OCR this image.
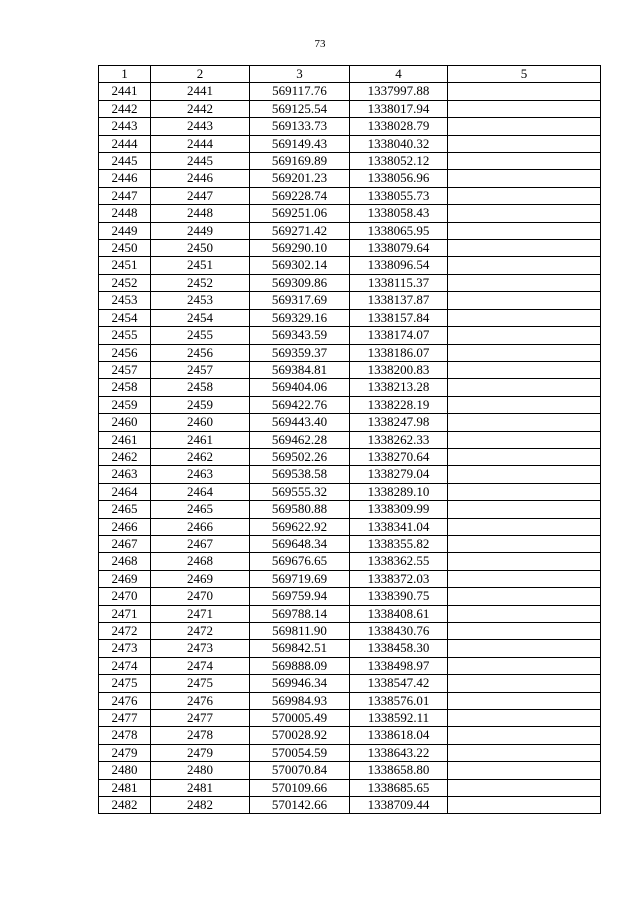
73
1	2	3	4	5
2441	2441	569117.76	1337997.88	
2442	2442	569125.54	1338017.94	
2443	2443	569133.73	1338028.79	
2444	2444	569149.43	1338040.32	
2445	2445	569169.89	1338052.12	
2446	2446	569201.23	1338056.96	
2447	2447	569228.74	1338055.73	
2448	2448	569251.06	1338058.43	
2449	2449	569271.42	1338065.95	
2450	2450	569290.10	1338079.64	
2451	2451	569302.14	1338096.54	
2452	2452	569309.86	1338115.37	
2453	2453	569317.69	1338137.87	
2454	2454	569329.16	1338157.84	
2455	2455	569343.59	1338174.07	
2456	2456	569359.37	1338186.07	
2457	2457	569384.81	1338200.83	
2458	2458	569404.06	1338213.28	
2459	2459	569422.76	1338228.19	
2460	2460	569443.40	1338247.98	
2461	2461	569462.28	1338262.33	
2462	2462	569502.26	1338270.64	
2463	2463	569538.58	1338279.04	
2464	2464	569555.32	1338289.10	
2465	2465	569580.88	1338309.99	
2466	2466	569622.92	1338341.04	
2467	2467	569648.34	1338355.82	
2468	2468	569676.65	1338362.55	
2469	2469	569719.69	1338372.03	
2470	2470	569759.94	1338390.75	
2471	2471	569788.14	1338408.61	
2472	2472	569811.90	1338430.76	
2473	2473	569842.51	1338458.30	
2474	2474	569888.09	1338498.97	
2475	2475	569946.34	1338547.42	
2476	2476	569984.93	1338576.01	
2477	2477	570005.49	1338592.11	
2478	2478	570028.92	1338618.04	
2479	2479	570054.59	1338643.22	
2480	2480	570070.84	1338658.80	
2481	2481	570109.66	1338685.65	
2482	2482	570142.66	1338709.44	
